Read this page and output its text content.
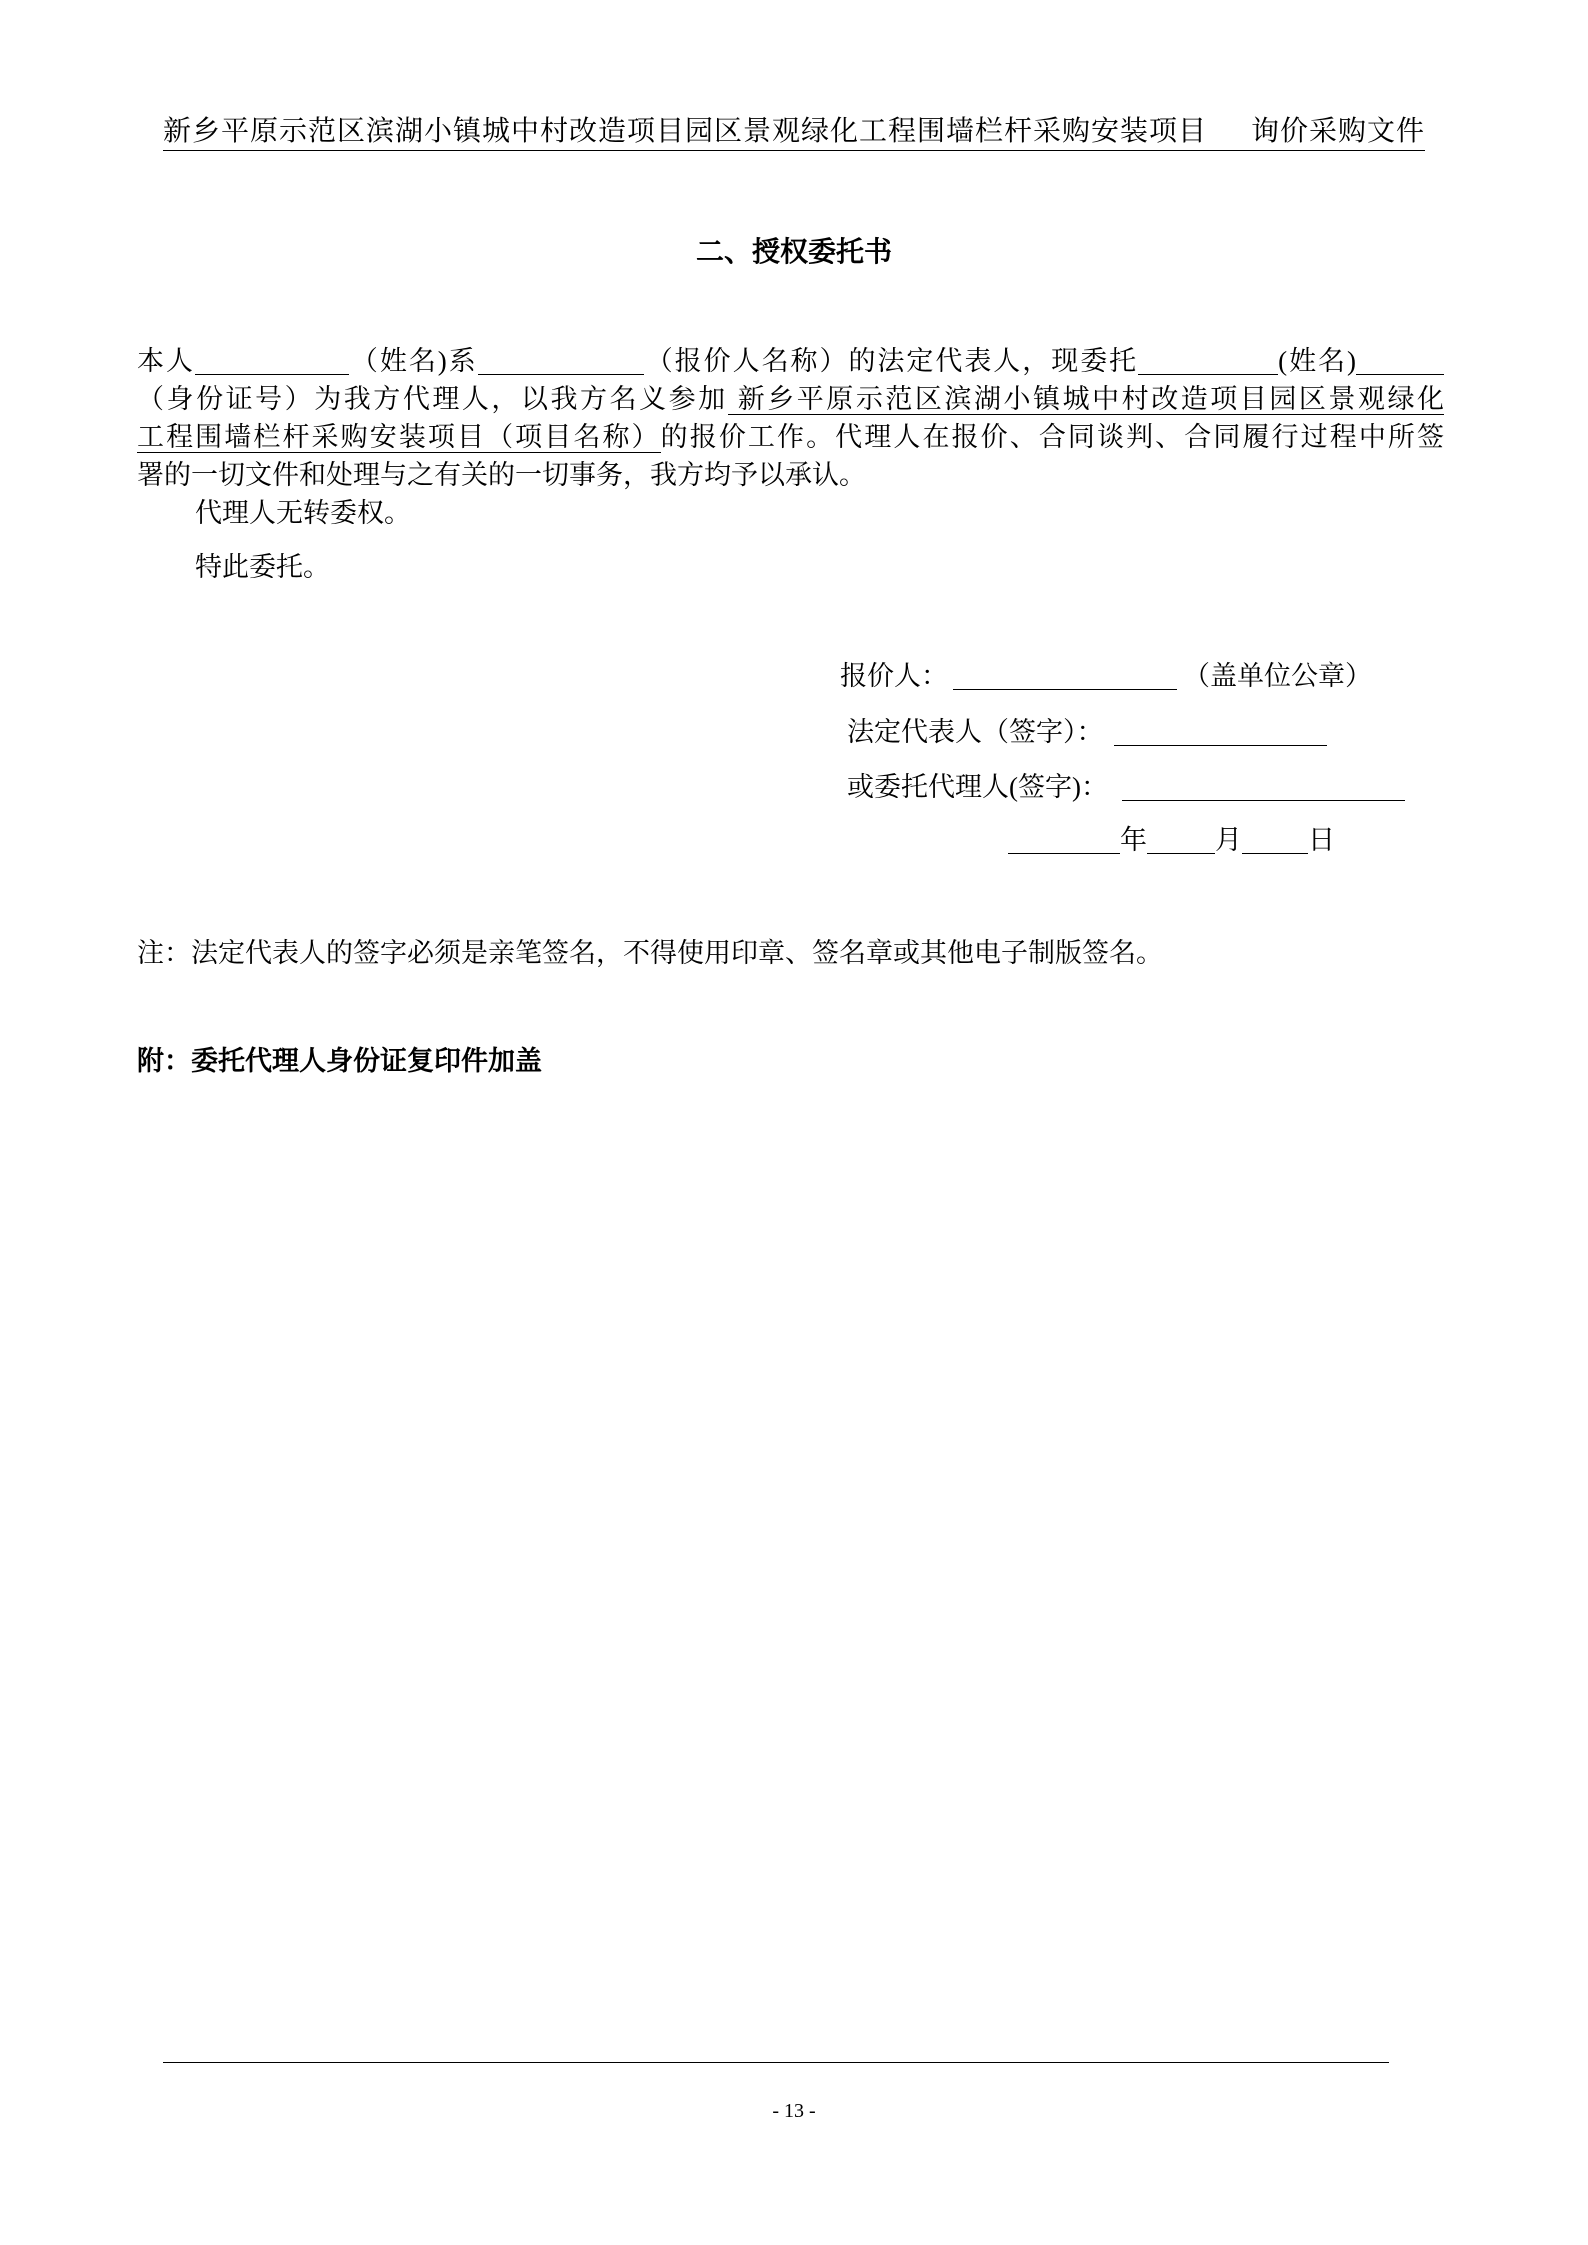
新乡平原示范区滨湖小镇城中村改造项目园区景观绿化工程围墙栏杆采购安装项目 询价采购文件
二、授权委托书
本人	（姓名)系	（报价人名称）的法定代表人，现委托	(姓名)
（身份证号）为我方代理人，以我方名义参加 新乡平原示范区滨湖小镇城中村改造项目园区景观绿化
工程围墙栏杆采购安装项目（项目名称）的报价工作。代理人在报价、合同谈判、合同履行过程中所签
署的一切文件和处理与之有关的一切事务，我方均予以承认。
代理人无转委权。
特此委托。
报价人：	（盖单位公章）
法定代表人（签字）：
或委托代理人(签字)：
年	月 日
注：法定代表人的签字必须是亲笔签名，不得使用印章、签名章或其他电子制版签名。
附：委托代理人身份证复印件加盖
- 13 -
